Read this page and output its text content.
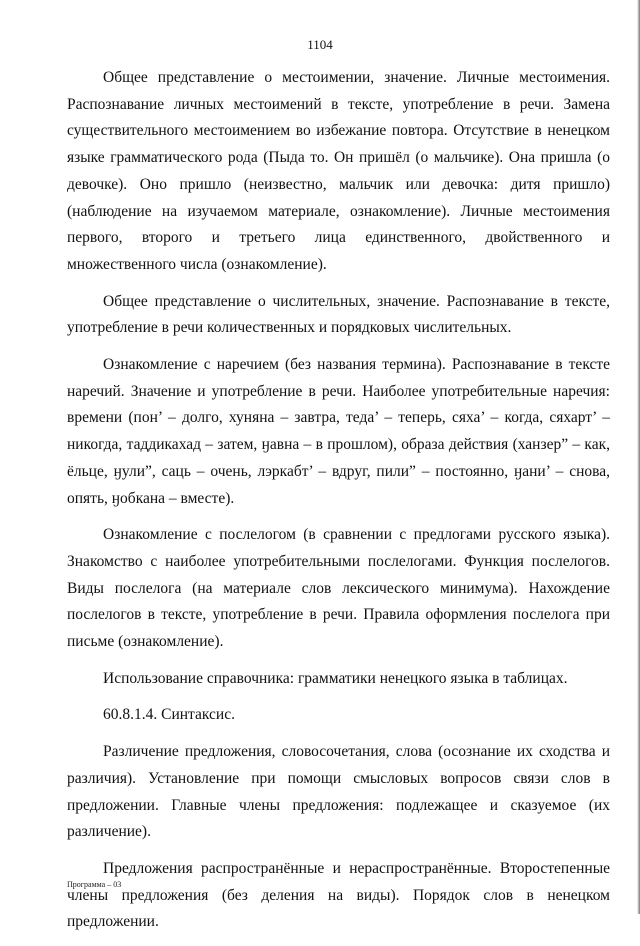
1104

Общее представление о местоимении, значение. Личные местоимения. Распознавание личных местоимений в тексте, употребление в речи. Замена существительного местоимением во избежание повтора. Отсутствие в ненецком языке грамматического рода (Пыда то. Он пришёл (о мальчике). Она пришла (о девочке). Оно пришло (неизвестно, мальчик или девочка: дитя пришло) (наблюдение на изучаемом материале, ознакомление). Личные местоимения первого, второго и третьего лица единственного, двойственного и множественного числа (ознакомление).

Общее представление о числительных, значение. Распознавание в тексте, употребление в речи количественных и порядковых числительных.

Ознакомление с наречием (без названия термина). Распознавание в тексте наречий. Значение и употребление в речи. Наиболее употребительные наречия: времени (пон’ – долго, хуняна – завтра, теда’ – теперь, сяха’ – когда, сяхарт’ – никогда, таддикахад – затем, ӈавна – в прошлом), образа действия (ханзер” – как, ёльце, ӈули”, саць – очень, лэркабт’ – вдруг, пили” – постоянно, ӈани’ – снова, опять, ӈобкана – вместе).

Ознакомление с послелогом (в сравнении с предлогами русского языка). Знакомство с наиболее употребительными послелогами. Функция послелогов. Виды послелога (на материале слов лексического минимума). Нахождение послелогов в тексте, употребление в речи. Правила оформления послелога при письме (ознакомление).

Использование справочника: грамматики ненецкого языка в таблицах.

60.8.1.4. Синтаксис.

Различение предложения, словосочетания, слова (осознание их сходства и различия). Установление при помощи смысловых вопросов связи слов в предложении. Главные члены предложения: подлежащее и сказуемое (их различение).

Предложения распространённые и нераспространённые. Второстепенные члены предложения (без деления на виды). Порядок слов в ненецком предложении.

Программа – 03
